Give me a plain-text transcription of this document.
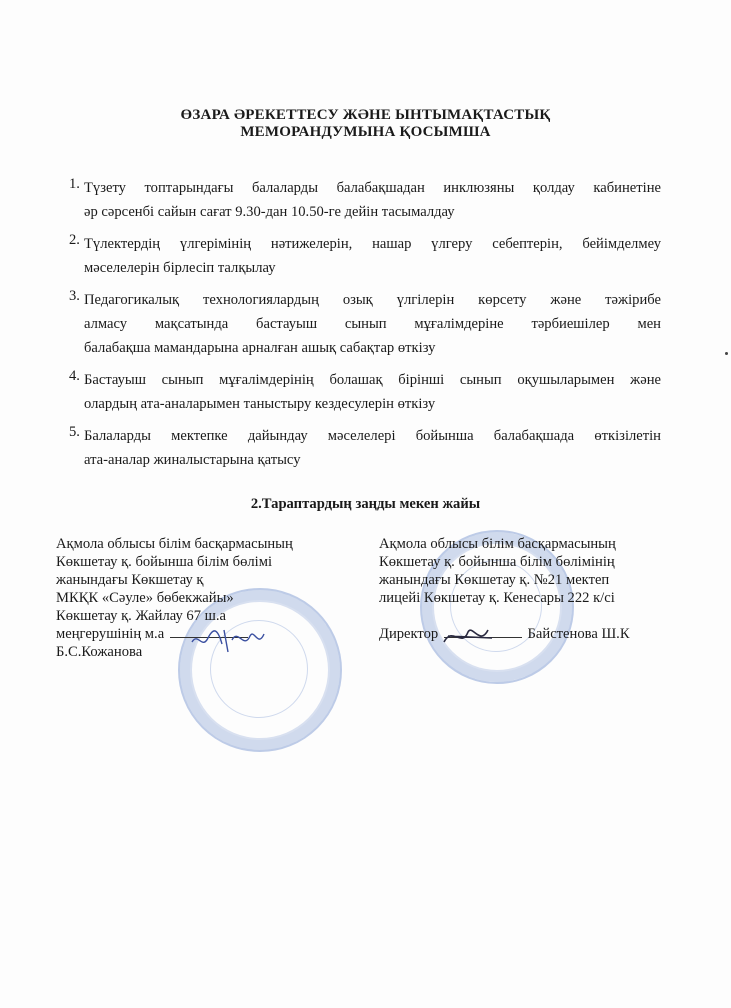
ӨЗАРА ӘРЕКЕТТЕСУ ЖӘНЕ ЫНТЫМАҚТАСТЫҚ
МЕМОРАНДУМЫНА ҚОСЫМША
1. Түзету топтарындағы балаларды балабақшадан инклюзяны қолдау кабинетіне
әр сәрсенбі сайын сағат 9.30-дан 10.50-ге дейін тасымалдау
2. Түлектердің үлгерімінің нәтижелерін, нашар үлгеру себептерін, бейімделмеу
мәселелерін бірлесіп талқылау
3. Педагогикалық технологиялардың озық үлгілерін көрсету және тәжірибе
алмасу мақсатында бастауыш сынып мұғалімдеріне тәрбиешілер мен
балабақша мамандарына арналған ашық сабақтар өткізу
4. Бастауыш сынып мұғалімдерінің болашақ бірінші сынып оқушыларымен және
олардың ата-аналарымен таныстыру кездесулерін өткізу
5. Балаларды мектепке дайындау мәселелері бойынша балабақшада өткізілетін
ата-аналар жиналыстарына қатысу
2.Тараптардың заңды мекен жайы
Ақмола облысы білім басқармасының
Көкшетау қ. бойынша білім бөлімі
жанындағы Көкшетау қ
МКҚК «Сәуле» бөбекжайы»
Көкшетау қ. Жайлау 67 ш.а
меңгерушінің м.а
Б.С.Кожанова
Ақмола облысы білім басқармасының
Көкшетау қ. бойынша білім бөлімінің
жанындағы Көкшетау қ. №21 мектеп
лицейі Көкшетау қ. Кенесары 222 к/сі
Директор	Байстенова Ш.К
